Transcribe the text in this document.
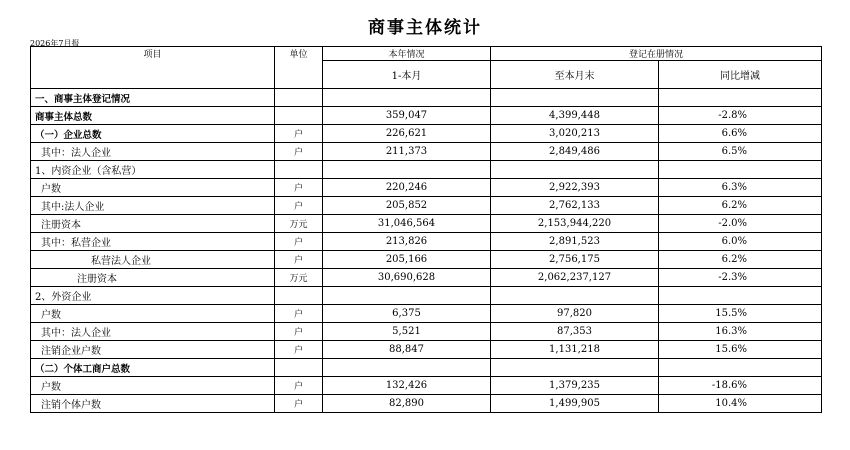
商事主体统计
2026年7月报
项目	单位	本年情况	登记在册情况	
		1-本月	至本月末	同比增减
一、商事主体登记情况				
商事主体总数		359,047	4,399,448	-2.8%
（一）企业总数	户	226,621	3,020,213	6.6%
其中：法人企业	户	211,373	2,849,486	6.5%
1、内资企业（含私营）				
户数	户	220,246	2,922,393	6.3%
其中:法人企业	户	205,852	2,762,133	6.2%
注册资本	万元	31,046,564	2,153,944,220	-2.0%
其中：私营企业	户	213,826	2,891,523	6.0%
私营法人企业	户	205,166	2,756,175	6.2%
注册资本	万元	30,690,628	2,062,237,127	-2.3%
2、外资企业				
户数	户	6,375	97,820	15.5%
其中：法人企业	户	5,521	87,353	16.3%
注销企业户数	户	88,847	1,131,218	15.6%
（二）个体工商户总数				
户数	户	132,426	1,379,235	-18.6%
注销个体户数	户	82,890	1,499,905	10.4%
